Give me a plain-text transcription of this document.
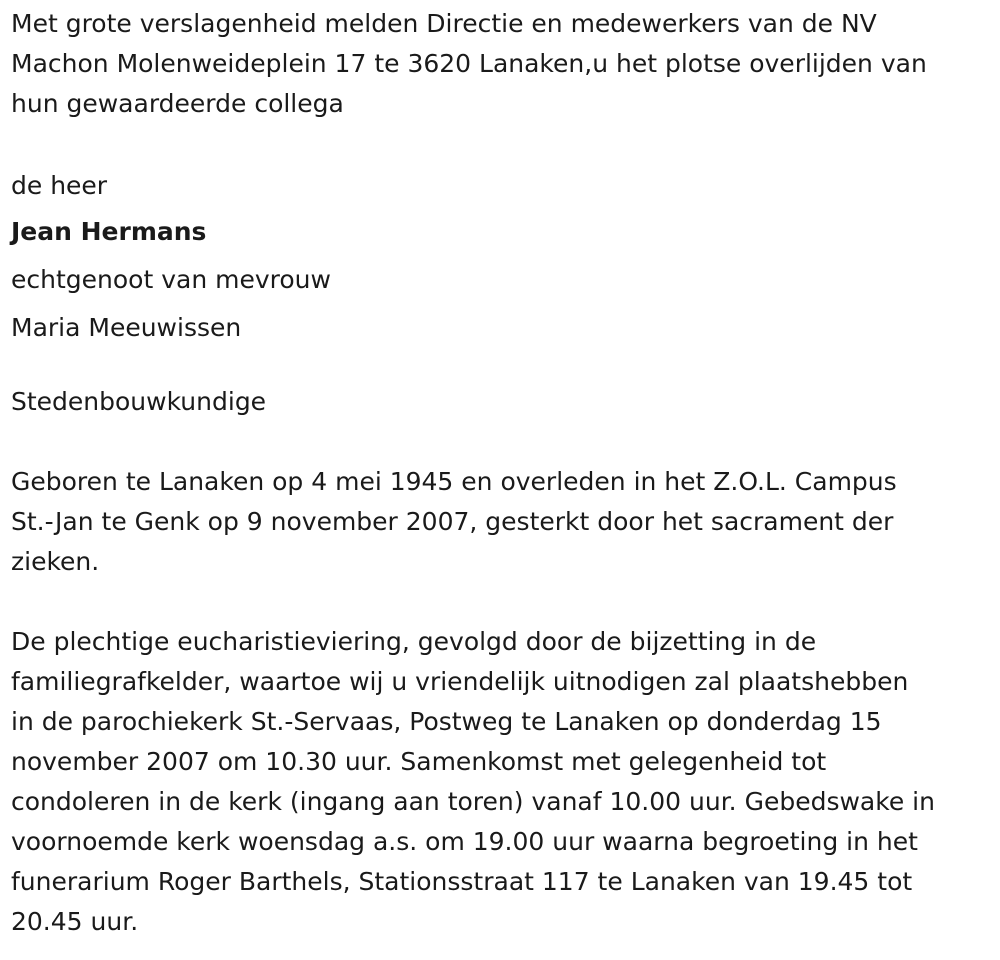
Met grote verslagenheid melden Directie en medewerkers van de NV
Machon Molenweideplein 17 te 3620 Lanaken,u het plotse overlijden van
hun gewaardeerde collega
de heer
Jean Hermans
echtgenoot van mevrouw
Maria Meeuwissen
Stedenbouwkundige
Geboren te Lanaken op 4 mei 1945 en overleden in het Z.O.L. Campus
St.-Jan te Genk op 9 november 2007, gesterkt door het sacrament der
zieken.
De plechtige eucharistieviering, gevolgd door de bijzetting in de
familiegrafkelder, waartoe wij u vriendelijk uitnodigen zal plaatshebben
in de parochiekerk St.-Servaas, Postweg te Lanaken op donderdag 15
november 2007 om 10.30 uur. Samenkomst met gelegenheid tot
condoleren in de kerk (ingang aan toren) vanaf 10.00 uur. Gebedswake in
voornoemde kerk woensdag a.s. om 19.00 uur waarna begroeting in het
funerarium Roger Barthels, Stationsstraat 117 te Lanaken van 19.45 tot
20.45 uur.
